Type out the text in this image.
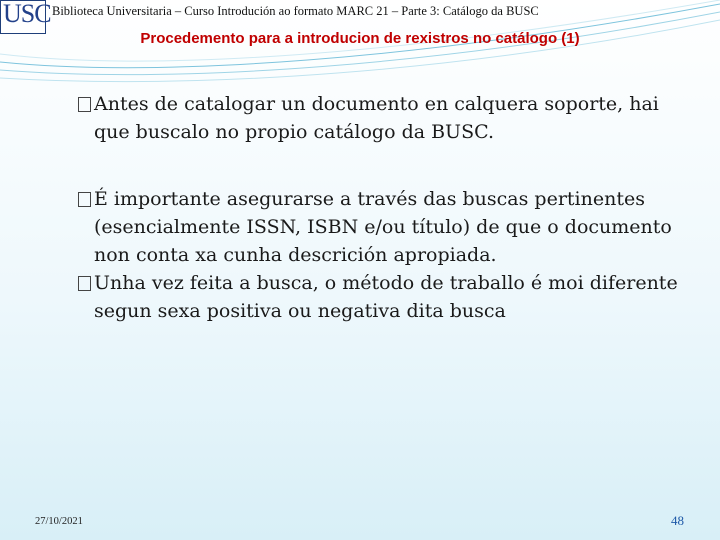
USC Biblioteca Universitaria – Curso Introdución ao formato MARC 21 – Parte 3: Catálogo da BUSC
Procedemento para a introducion de rexistros no catálogo (1)
Antes de catalogar un documento en calquera soporte, hai que buscalo no propio catálogo da BUSC.
É importante asegurarse a través das buscas pertinentes (esencialmente ISSN, ISBN e/ou título) de que o documento non conta xa cunha descrición apropiada.
Unha vez feita a busca, o método de traballo é moi diferente segun sexa positiva ou negativa dita busca
27/10/2021	48
